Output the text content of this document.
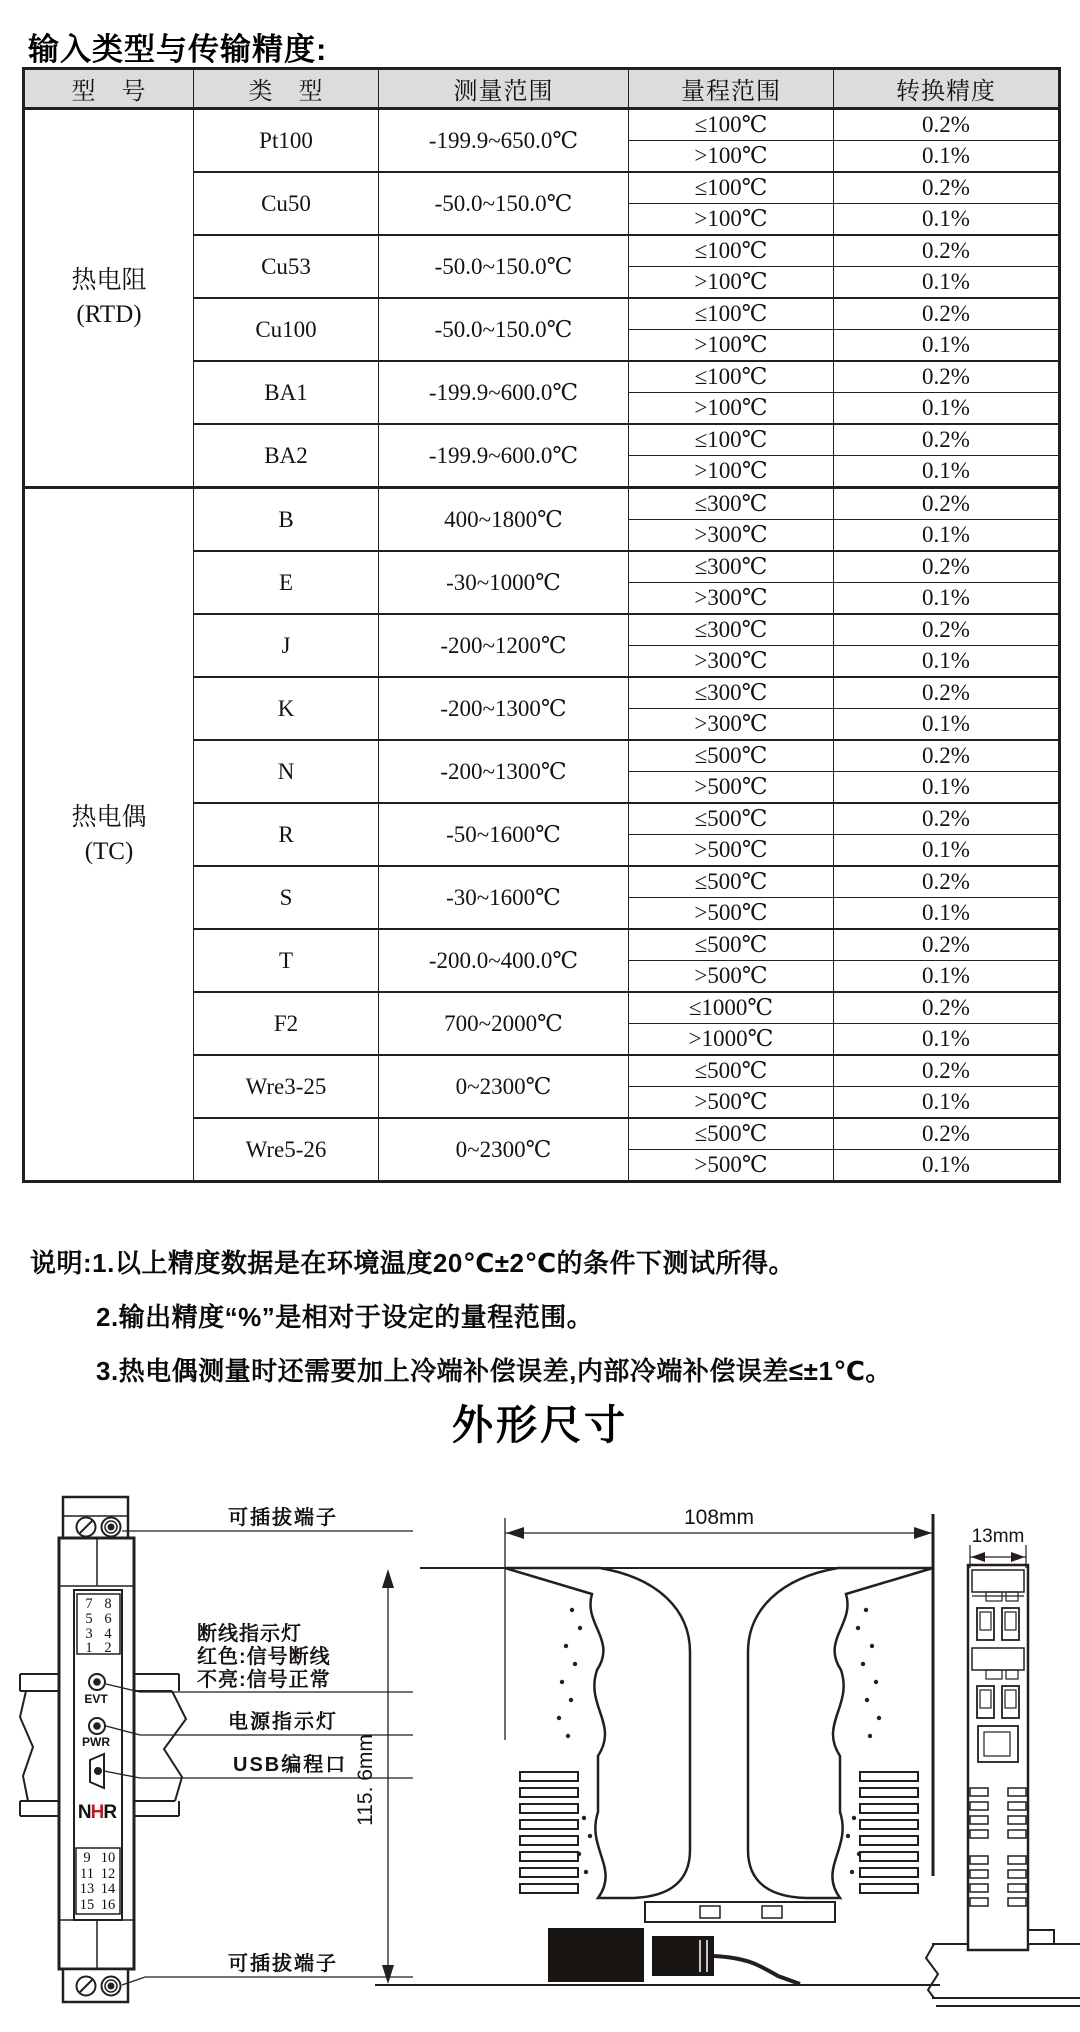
输入类型与传输精度:
型　号	类　型	测量范围	量程范围	转换精度

热电阻
(RTD)	Pt100	-199.9~650.0℃	≤100℃	0.2%
			>100℃	0.1%
	Cu50	-50.0~150.0℃	≤100℃	0.2%
			>100℃	0.1%
	Cu53	-50.0~150.0℃	≤100℃	0.2%
			>100℃	0.1%
	Cu100	-50.0~150.0℃	≤100℃	0.2%
			>100℃	0.1%
	BA1	-199.9~600.0℃	≤100℃	0.2%
			>100℃	0.1%
	BA2	-199.9~600.0℃	≤100℃	0.2%
			>100℃	0.1%

热电偶
(TC)	B	400~1800℃	≤300℃	0.2%
			>300℃	0.1%
	E	-30~1000℃	≤300℃	0.2%
			>300℃	0.1%
	J	-200~1200℃	≤300℃	0.2%
			>300℃	0.1%
	K	-200~1300℃	≤300℃	0.2%
			>300℃	0.1%
	N	-200~1300℃	≤500℃	0.2%
			>500℃	0.1%
	R	-50~1600℃	≤500℃	0.2%
			>500℃	0.1%
	S	-30~1600℃	≤500℃	0.2%
			>500℃	0.1%
	T	-200.0~400.0℃	≤500℃	0.2%
			>500℃	0.1%
	F2	700~2000℃	≤1000℃	0.2%
			>1000℃	0.1%
	Wre3-25	0~2300℃	≤500℃	0.2%
			>500℃	0.1%
	Wre5-26	0~2300℃	≤500℃	0.2%
			>500℃	0.1%
说明:1.以上精度数据是在环境温度20℃±2℃的条件下测试所得。
2.输出精度“%”是相对于设定的量程范围。
3.热电偶测量时还需要加上冷端补偿误差,内部冷端补偿误差≤±1℃。
外形尺寸
7 8
5 6
3 4
1 2
EVT
PWR
NHR
9 10
11 12
13 14
15 16
可插拔端子
断线指示灯
红色:信号断线
不亮:信号正常
电源指示灯
USB编程口
可插拔端子
108mm
115. 6mm
13mm
